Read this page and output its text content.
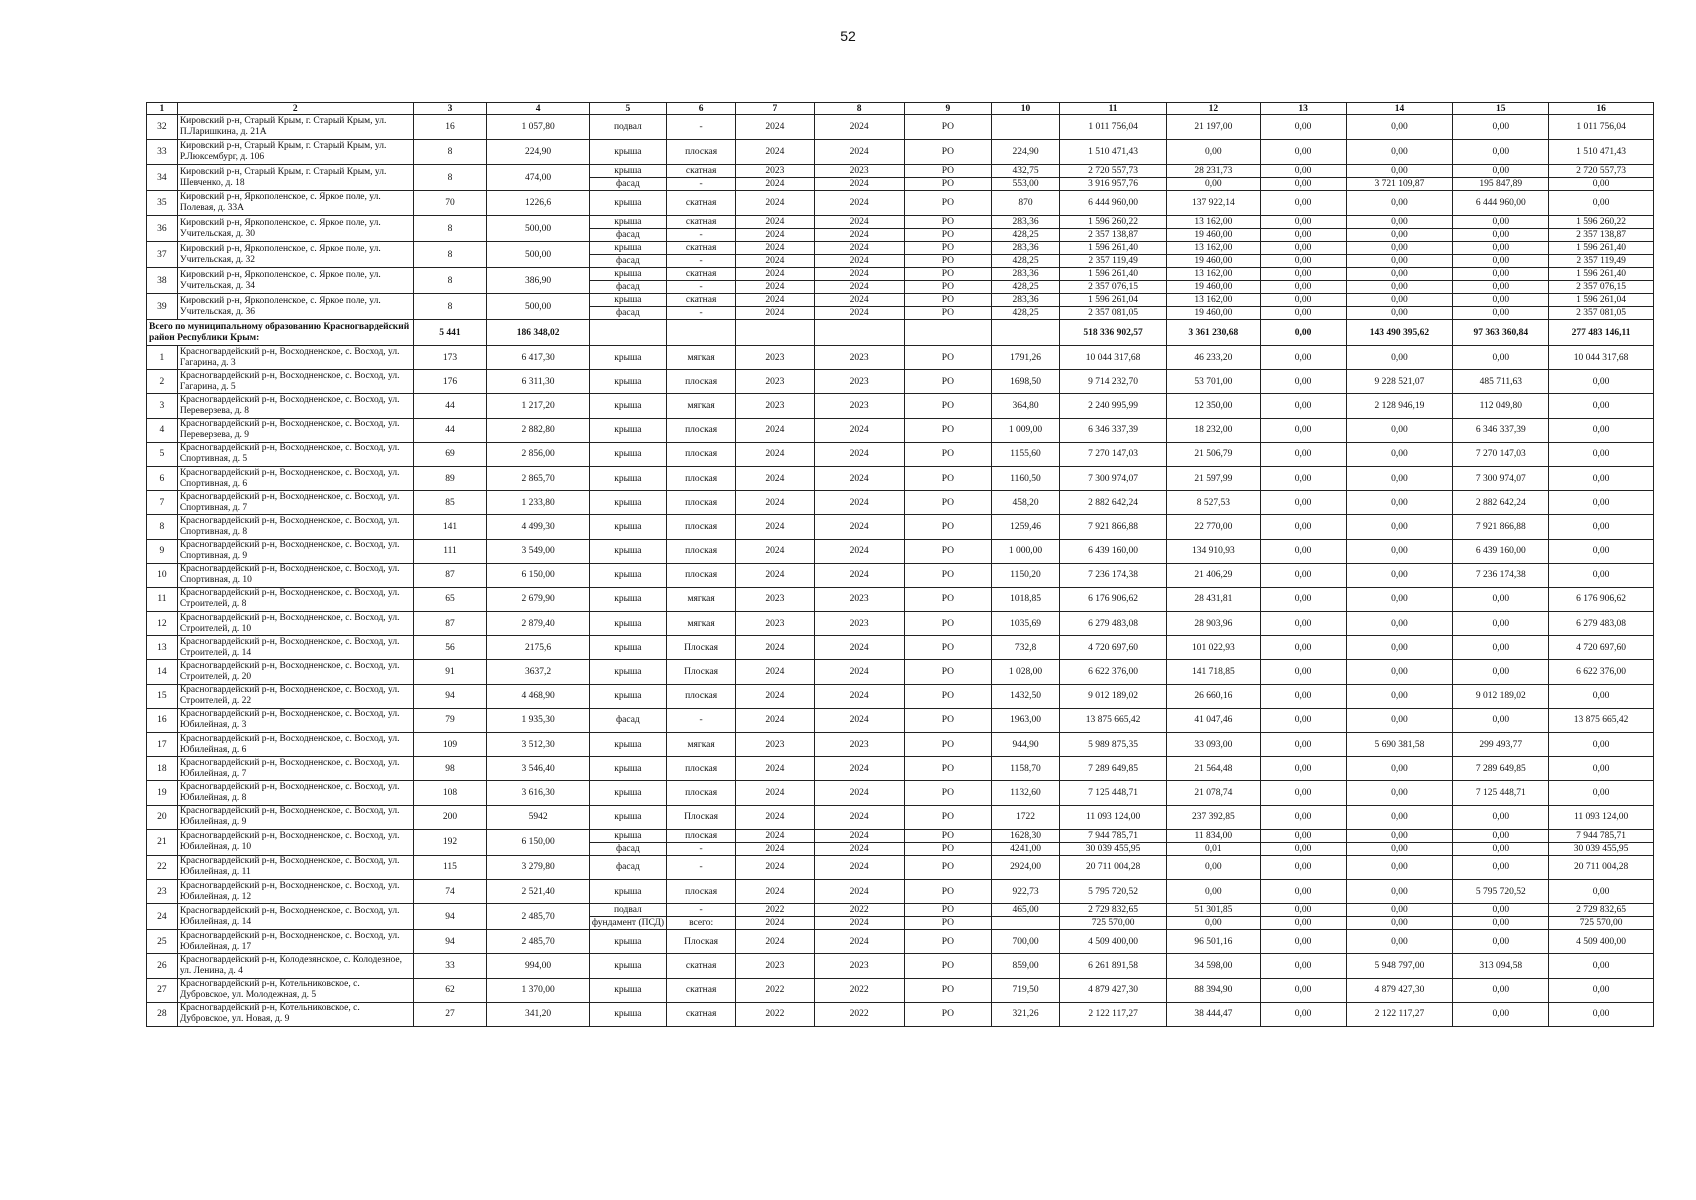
52
1	2	3	4	5	6	7	8	9	10	11	12	13	14	15	16
32	Кировский р-н, Старый Крым, г. Старый Крым, ул. П.Ларишкина, д. 21А	16	1 057,80	подвал	-	2024	2024	РО		1 011 756,04	21 197,00	0,00	0,00	0,00	1 011 756,04
33	Кировский р-н, Старый Крым, г. Старый Крым, ул. Р.Люксембург, д. 106	8	224,90	крыша	плоская	2024	2024	РО	224,90	1 510 471,43	0,00	0,00	0,00	0,00	1 510 471,43
34	Кировский р-н, Старый Крым, г. Старый Крым, ул. Шевченко, д. 18	8	474,00	крыша	скатная	2023	2023	РО	432,75	2 720 557,73	28 231,73	0,00	0,00	0,00	2 720 557,73
				фасад	-	2024	2024	РО	553,00	3 916 957,76	0,00	0,00	3 721 109,87	195 847,89	0,00
35	Кировский р-н, Яркополенское, с. Яркое поле, ул. Полевая, д. 33А	70	1226,6	крыша	скатная	2024	2024	РО	870	6 444 960,00	137 922,14	0,00	0,00	6 444 960,00	0,00
36	Кировский р-н, Яркополенское, с. Яркое поле, ул. Учительская, д. 30	8	500,00	крыша	скатная	2024	2024	РО	283,36	1 596 260,22	13 162,00	0,00	0,00	0,00	1 596 260,22
				фасад	-	2024	2024	РО	428,25	2 357 138,87	19 460,00	0,00	0,00	0,00	2 357 138,87
37	Кировский р-н, Яркополенское, с. Яркое поле, ул. Учительская, д. 32	8	500,00	крыша	скатная	2024	2024	РО	283,36	1 596 261,40	13 162,00	0,00	0,00	0,00	1 596 261,40
				фасад	-	2024	2024	РО	428,25	2 357 119,49	19 460,00	0,00	0,00	0,00	2 357 119,49
38	Кировский р-н, Яркополенское, с. Яркое поле, ул. Учительская, д. 34	8	386,90	крыша	скатная	2024	2024	РО	283,36	1 596 261,40	13 162,00	0,00	0,00	0,00	1 596 261,40
				фасад	-	2024	2024	РО	428,25	2 357 076,15	19 460,00	0,00	0,00	0,00	2 357 076,15
39	Кировский р-н, Яркополенское, с. Яркое поле, ул. Учительская, д. 36	8	500,00	крыша	скатная	2024	2024	РО	283,36	1 596 261,04	13 162,00	0,00	0,00	0,00	1 596 261,04
				фасад	-	2024	2024	РО	428,25	2 357 081,05	19 460,00	0,00	0,00	0,00	2 357 081,05
Всего по муниципальному образованию Красногвардейский район Республики Крым:		5 441	186 348,02							518 336 902,57	3 361 230,68	0,00	143 490 395,62	97 363 360,84	277 483 146,11
1	Красногвардейский р-н, Восходненское, с. Восход, ул. Гагарина, д. 3	173	6 417,30	крыша	мягкая	2023	2023	РО	1791,26	10 044 317,68	46 233,20	0,00	0,00	0,00	10 044 317,68
2	Красногвардейский р-н, Восходненское, с. Восход, ул. Гагарина, д. 5	176	6 311,30	крыша	плоская	2023	2023	РО	1698,50	9 714 232,70	53 701,00	0,00	9 228 521,07	485 711,63	0,00
3	Красногвардейский р-н, Восходненское, с. Восход, ул. Переверзева, д. 8	44	1 217,20	крыша	мягкая	2023	2023	РО	364,80	2 240 995,99	12 350,00	0,00	2 128 946,19	112 049,80	0,00
4	Красногвардейский р-н, Восходненское, с. Восход, ул. Переверзева, д. 9	44	2 882,80	крыша	плоская	2024	2024	РО	1 009,00	6 346 337,39	18 232,00	0,00	0,00	6 346 337,39	0,00
5	Красногвардейский р-н, Восходненское, с. Восход, ул. Спортивная, д. 5	69	2 856,00	крыша	плоская	2024	2024	РО	1155,60	7 270 147,03	21 506,79	0,00	0,00	7 270 147,03	0,00
6	Красногвардейский р-н, Восходненское, с. Восход, ул. Спортивная, д. 6	89	2 865,70	крыша	плоская	2024	2024	РО	1160,50	7 300 974,07	21 597,99	0,00	0,00	7 300 974,07	0,00
7	Красногвардейский р-н, Восходненское, с. Восход, ул. Спортивная, д. 7	85	1 233,80	крыша	плоская	2024	2024	РО	458,20	2 882 642,24	8 527,53	0,00	0,00	2 882 642,24	0,00
8	Красногвардейский р-н, Восходненское, с. Восход, ул. Спортивная, д. 8	141	4 499,30	крыша	плоская	2024	2024	РО	1259,46	7 921 866,88	22 770,00	0,00	0,00	7 921 866,88	0,00
9	Красногвардейский р-н, Восходненское, с. Восход, ул. Спортивная, д. 9	111	3 549,00	крыша	плоская	2024	2024	РО	1 000,00	6 439 160,00	134 910,93	0,00	0,00	6 439 160,00	0,00
10	Красногвардейский р-н, Восходненское, с. Восход, ул. Спортивная, д. 10	87	6 150,00	крыша	плоская	2024	2024	РО	1150,20	7 236 174,38	21 406,29	0,00	0,00	7 236 174,38	0,00
11	Красногвардейский р-н, Восходненское, с. Восход, ул. Строителей, д. 8	65	2 679,90	крыша	мягкая	2023	2023	РО	1018,85	6 176 906,62	28 431,81	0,00	0,00	0,00	6 176 906,62
12	Красногвардейский р-н, Восходненское, с. Восход, ул. Строителей, д. 10	87	2 879,40	крыша	мягкая	2023	2023	РО	1035,69	6 279 483,08	28 903,96	0,00	0,00	0,00	6 279 483,08
13	Красногвардейский р-н, Восходненское, с. Восход, ул. Строителей, д. 14	56	2175,6	крыша	Плоская	2024	2024	РО	732,8	4 720 697,60	101 022,93	0,00	0,00	0,00	4 720 697,60
14	Красногвардейский р-н, Восходненское, с. Восход, ул. Строителей, д. 20	91	3637,2	крыша	Плоская	2024	2024	РО	1 028,00	6 622 376,00	141 718,85	0,00	0,00	0,00	6 622 376,00
15	Красногвардейский р-н, Восходненское, с. Восход, ул. Строителей, д. 22	94	4 468,90	крыша	плоская	2024	2024	РО	1432,50	9 012 189,02	26 660,16	0,00	0,00	9 012 189,02	0,00
16	Красногвардейский р-н, Восходненское, с. Восход, ул. Юбилейная, д. 3	79	1 935,30	фасад	-	2024	2024	РО	1963,00	13 875 665,42	41 047,46	0,00	0,00	0,00	13 875 665,42
17	Красногвардейский р-н, Восходненское, с. Восход, ул. Юбилейная, д. 6	109	3 512,30	крыша	мягкая	2023	2023	РО	944,90	5 989 875,35	33 093,00	0,00	5 690 381,58	299 493,77	0,00
18	Красногвардейский р-н, Восходненское, с. Восход, ул. Юбилейная, д. 7	98	3 546,40	крыша	плоская	2024	2024	РО	1158,70	7 289 649,85	21 564,48	0,00	0,00	7 289 649,85	0,00
19	Красногвардейский р-н, Восходненское, с. Восход, ул. Юбилейная, д. 8	108	3 616,30	крыша	плоская	2024	2024	РО	1132,60	7 125 448,71	21 078,74	0,00	0,00	7 125 448,71	0,00
20	Красногвардейский р-н, Восходненское, с. Восход, ул. Юбилейная, д. 9	200	5942	крыша	Плоская	2024	2024	РО	1722	11 093 124,00	237 392,85	0,00	0,00	0,00	11 093 124,00
21	Красногвардейский р-н, Восходненское, с. Восход, ул. Юбилейная, д. 10	192	6 150,00	крыша	плоская	2024	2024	РО	1628,30	7 944 785,71	11 834,00	0,00	0,00	0,00	7 944 785,71
				фасад	-	2024	2024	РО	4241,00	30 039 455,95	0,01	0,00	0,00	0,00	30 039 455,95
22	Красногвардейский р-н, Восходненское, с. Восход, ул. Юбилейная, д. 11	115	3 279,80	фасад	-	2024	2024	РО	2924,00	20 711 004,28	0,00	0,00	0,00	0,00	20 711 004,28
23	Красногвардейский р-н, Восходненское, с. Восход, ул. Юбилейная, д. 12	74	2 521,40	крыша	плоская	2024	2024	РО	922,73	5 795 720,52	0,00	0,00	0,00	5 795 720,52	0,00
24	Красногвардейский р-н, Восходненское, с. Восход, ул. Юбилейная, д. 14	94	2 485,70	подвал	-	2022	2022	РО	465,00	2 729 832,65	51 301,85	0,00	0,00	0,00	2 729 832,65
				фундамент (ПСД)	всего:	2024	2024	РО		725 570,00	0,00	0,00	0,00	0,00	725 570,00
25	Красногвардейский р-н, Восходненское, с. Восход, ул. Юбилейная, д. 17	94	2 485,70	крыша	Плоская	2024	2024	РО	700,00	4 509 400,00	96 501,16	0,00	0,00	0,00	4 509 400,00
26	Красногвардейский р-н, Колодезянское, с. Колодезное, ул. Ленина, д. 4	33	994,00	крыша	скатная	2023	2023	РО	859,00	6 261 891,58	34 598,00	0,00	5 948 797,00	313 094,58	0,00
27	Красногвардейский р-н, Котельниковское, с. Дубровское, ул. Молодежная, д. 5	62	1 370,00	крыша	скатная	2022	2022	РО	719,50	4 879 427,30	88 394,90	0,00	4 879 427,30	0,00	0,00
28	Красногвардейский р-н, Котельниковское, с. Дубровское, ул. Новая, д. 9	27	341,20	крыша	скатная	2022	2022	РО	321,26	2 122 117,27	38 444,47	0,00	2 122 117,27	0,00	0,00
